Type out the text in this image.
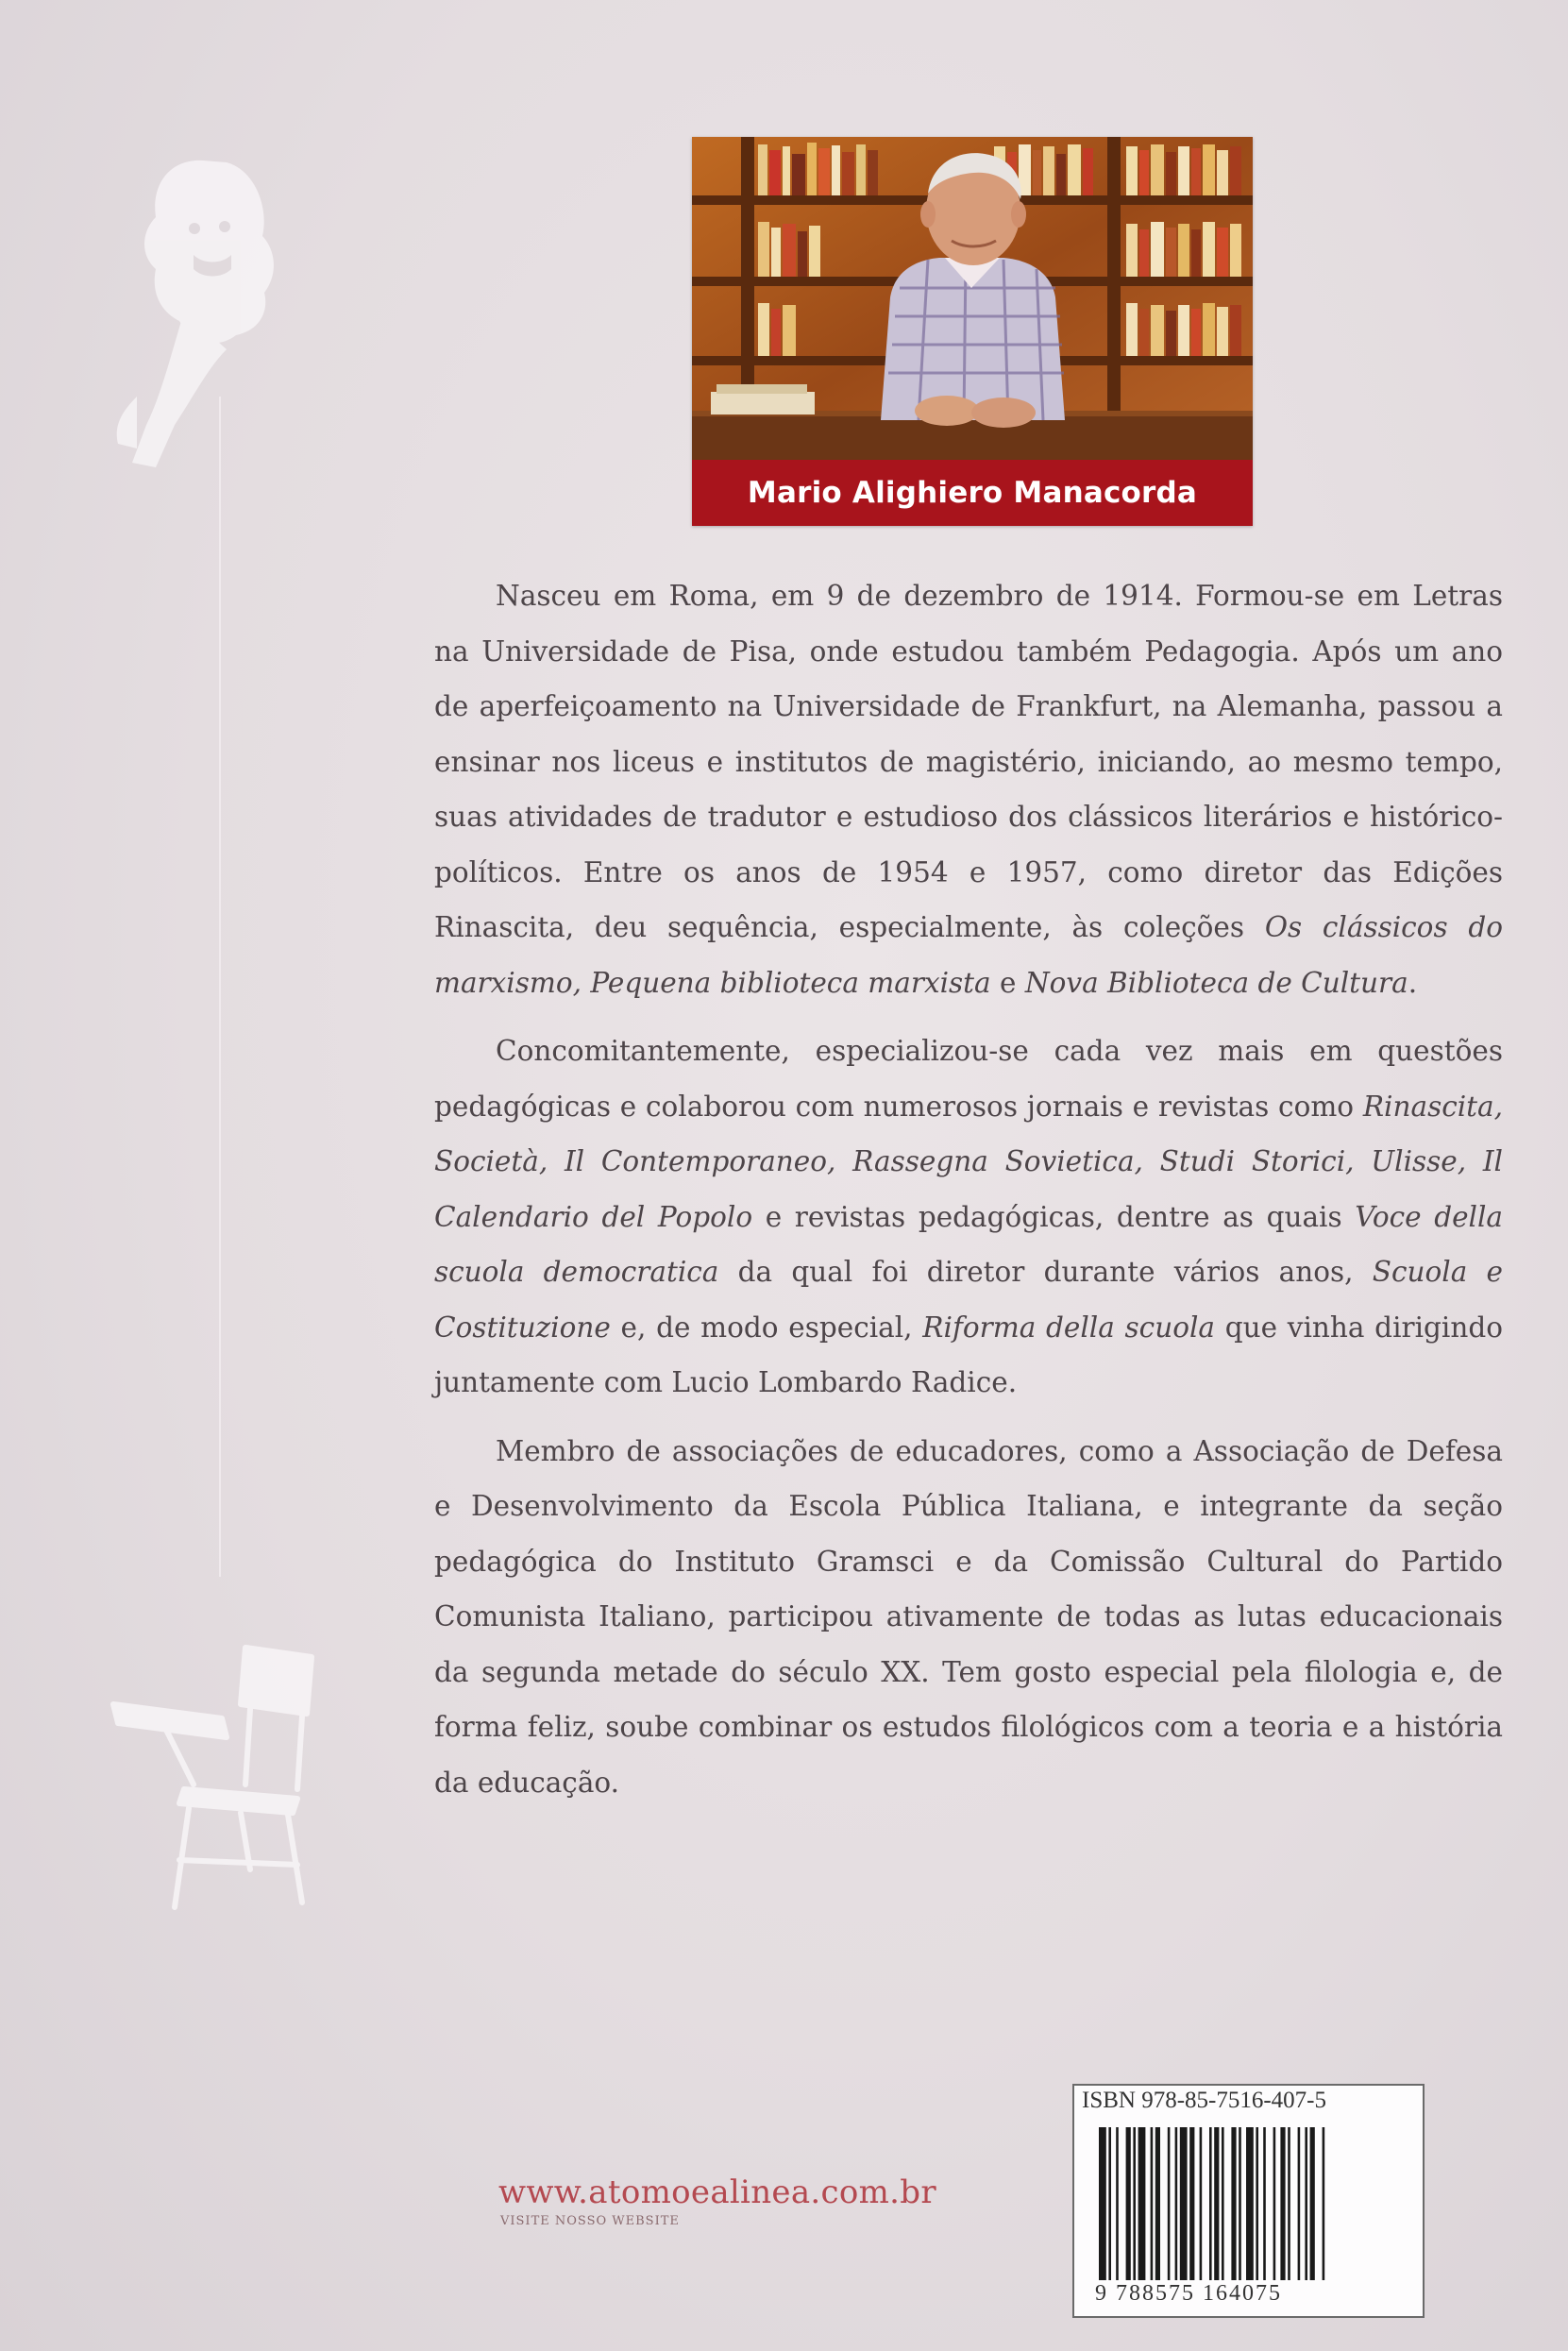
Mario Alighiero Manacorda

Nasceu em Roma, em 9 de dezembro de 1914. Formou-se em Letras na Universidade de Pisa, onde estudou também Pedagogia. Após um ano de aperfeiçoamento na Universidade de Frankfurt, na Alemanha, passou a ensinar nos liceus e institutos de magistério, iniciando, ao mesmo tempo, suas atividades de tradutor e estudioso dos clássicos literários e histórico-políticos. Entre os anos de 1954 e 1957, como diretor das Edições Rinascita, deu sequência, especialmente, às coleções Os clássicos do marxismo, Pequena biblioteca marxista e Nova Biblioteca de Cultura.

Concomitantemente, especializou-se cada vez mais em questões pedagógicas e colaborou com numerosos jornais e revistas como Rinascita, Società, Il Contemporaneo, Rassegna Sovietica, Studi Storici, Ulisse, Il Calendario del Popolo e revistas pedagógicas, dentre as quais Voce della scuola democratica da qual foi diretor durante vários anos, Scuola e Costituzione e, de modo especial, Riforma della scuola que vinha dirigindo juntamente com Lucio Lombardo Radice.

Membro de associações de educadores, como a Associação de Defesa e Desenvolvimento da Escola Pública Italiana, e integrante da seção pedagógica do Instituto Gramsci e da Comissão Cultural do Partido Comunista Italiano, participou ativamente de todas as lutas educacionais da segunda metade do século XX. Tem gosto especial pela filologia e, de forma feliz, soube combinar os estudos filológicos com a teoria e a história da educação.

www.atomoealinea.com.br
VISITE NOSSO WEBSITE
ISBN 978-85-7516-407-5
9 788575 164075
